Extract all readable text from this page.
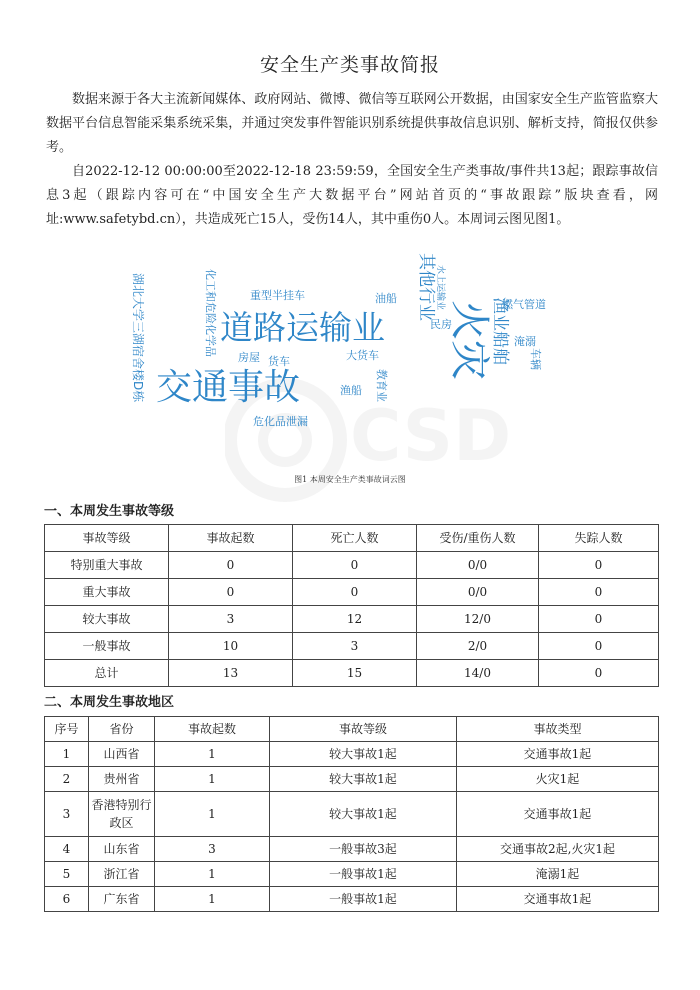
安全生产类事故简报

数据来源于各大主流新闻媒体、政府网站、微博、微信等互联网公开数据，由国家安全生产监管监察大数据平台信息智能采集系统采集，并通过突发事件智能识别系统提供事故信息识别、解析支持，简报仅供参考。

自2022-12-12 00:00:00至2022-12-18 23:59:59，全国安全生产类事故/事件共13起；跟踪事故信息3起（跟踪内容可在“中国安全生产大数据平台”网站首页的“事故跟踪”版块查看，网址:www.safetybd.cn），共造成死亡15人，受伤14人，其中重伤0人。本周词云图见图1。

CSD
道路运输业
交通事故
火灾
其他行业
渔业船舶
湖北大学三湖宿舍楼D栋	化工和危险化学品	重型半挂车	油船	水上运输业	燃气管道
淹溺
车辆
房屋 货车	大货车
渔船 教育业
民房
危化品泄漏
图1 本周安全生产类事故词云图
一、本周发生事故等级
事故等级	事故起数	死亡人数	受伤/重伤人数	失踪人数
特别重大事故	0	0	0/0	0
重大事故	0	0	0/0	0
较大事故	3	12	12/0	0
一般事故	10	3	2/0	0
总计	13	15	14/0	0
二、本周发生事故地区
序号	省份	事故起数	事故等级	事故类型
1	山西省	1	较大事故1起	交通事故1起
2	贵州省	1	较大事故1起	火灾1起
3	香港特别行政区	1	较大事故1起	交通事故1起
4	山东省	3	一般事故3起	交通事故2起,火灾1起
5	浙江省	1	一般事故1起	淹溺1起
6	广东省	1	一般事故1起	交通事故1起
